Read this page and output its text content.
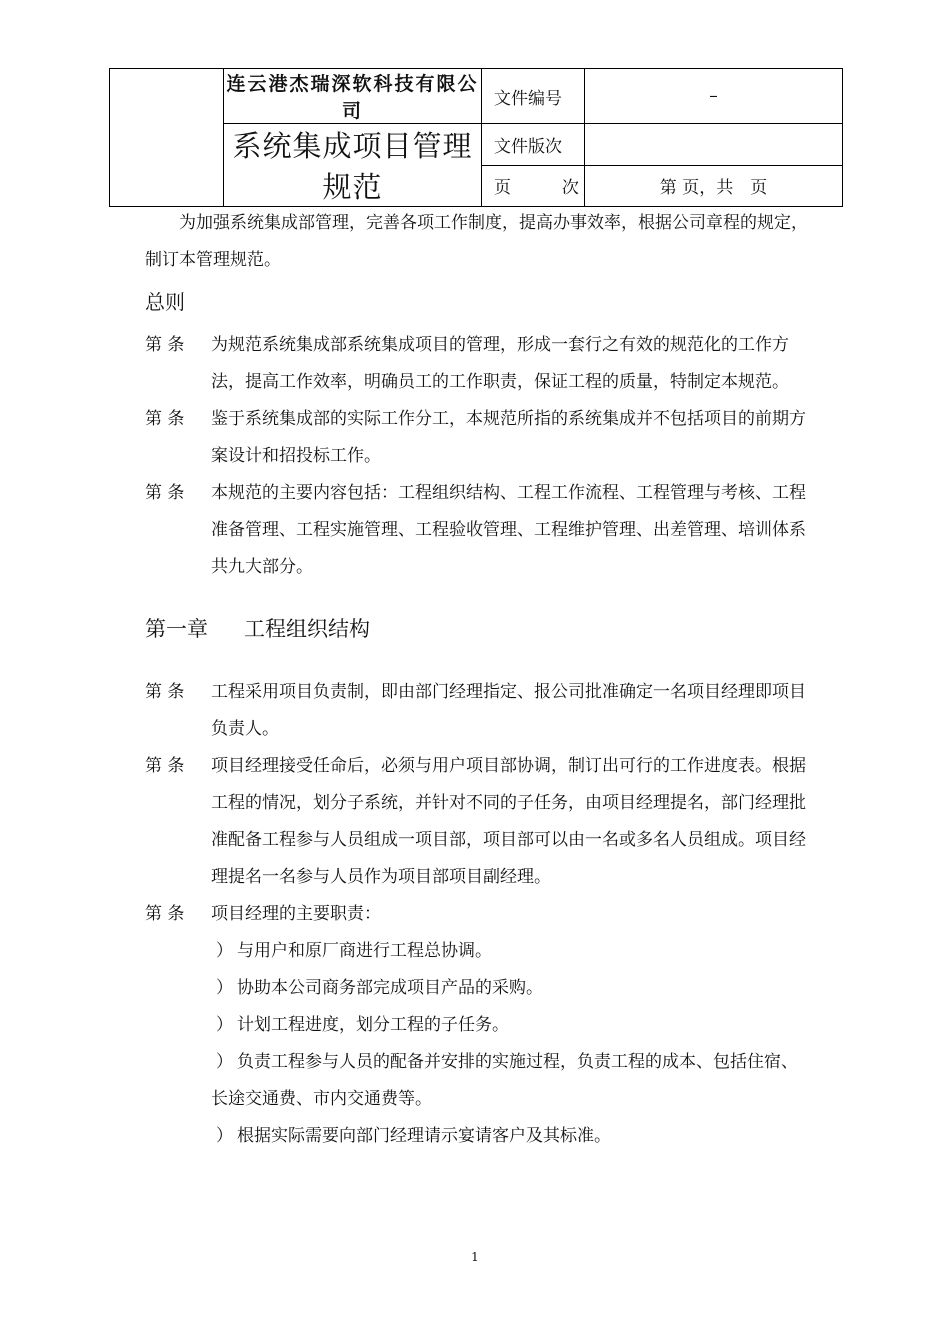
	连云港杰瑞深软科技有限公司	文件编号	–
	系统集成项目管理规范	文件版次	
		页 次	第 页，共　页

为加强系统集成部管理，完善各项工作制度，提高办事效率，根据公司章程的规定，制订本管理规范。

总则
第 条	为规范系统集成部系统集成项目的管理，形成一套行之有效的规范化的工作方法，提高工作效率，明确员工的工作职责，保证工程的质量，特制定本规范。
第 条	鉴于系统集成部的实际工作分工，本规范所指的系统集成并不包括项目的前期方案设计和招投标工作。
第 条	本规范的主要内容包括：工程组织结构、工程工作流程、工程管理与考核、工程准备管理、工程实施管理、工程验收管理、工程维护管理、出差管理、培训体系共九大部分。
第一章 工程组织结构
第 条	工程采用项目负责制，即由部门经理指定、报公司批准确定一名项目经理即项目负责人。
第 条	项目经理接受任命后，必须与用户项目部协调，制订出可行的工作进度表。根据工程的情况，划分子系统，并针对不同的子任务，由项目经理提名，部门经理批准配备工程参与人员组成一项目部，项目部可以由一名或多名人员组成。项目经理提名一名参与人员作为项目部项目副经理。
第 条	项目经理的主要职责：
） 与用户和原厂商进行工程总协调。
） 协助本公司商务部完成项目产品的采购。
） 计划工程进度，划分工程的子任务。
） 负责工程参与人员的配备并安排的实施过程，负责工程的成本、包括住宿、长途交通费、市内交通费等。
） 根据实际需要向部门经理请示宴请客户及其标准。
1
